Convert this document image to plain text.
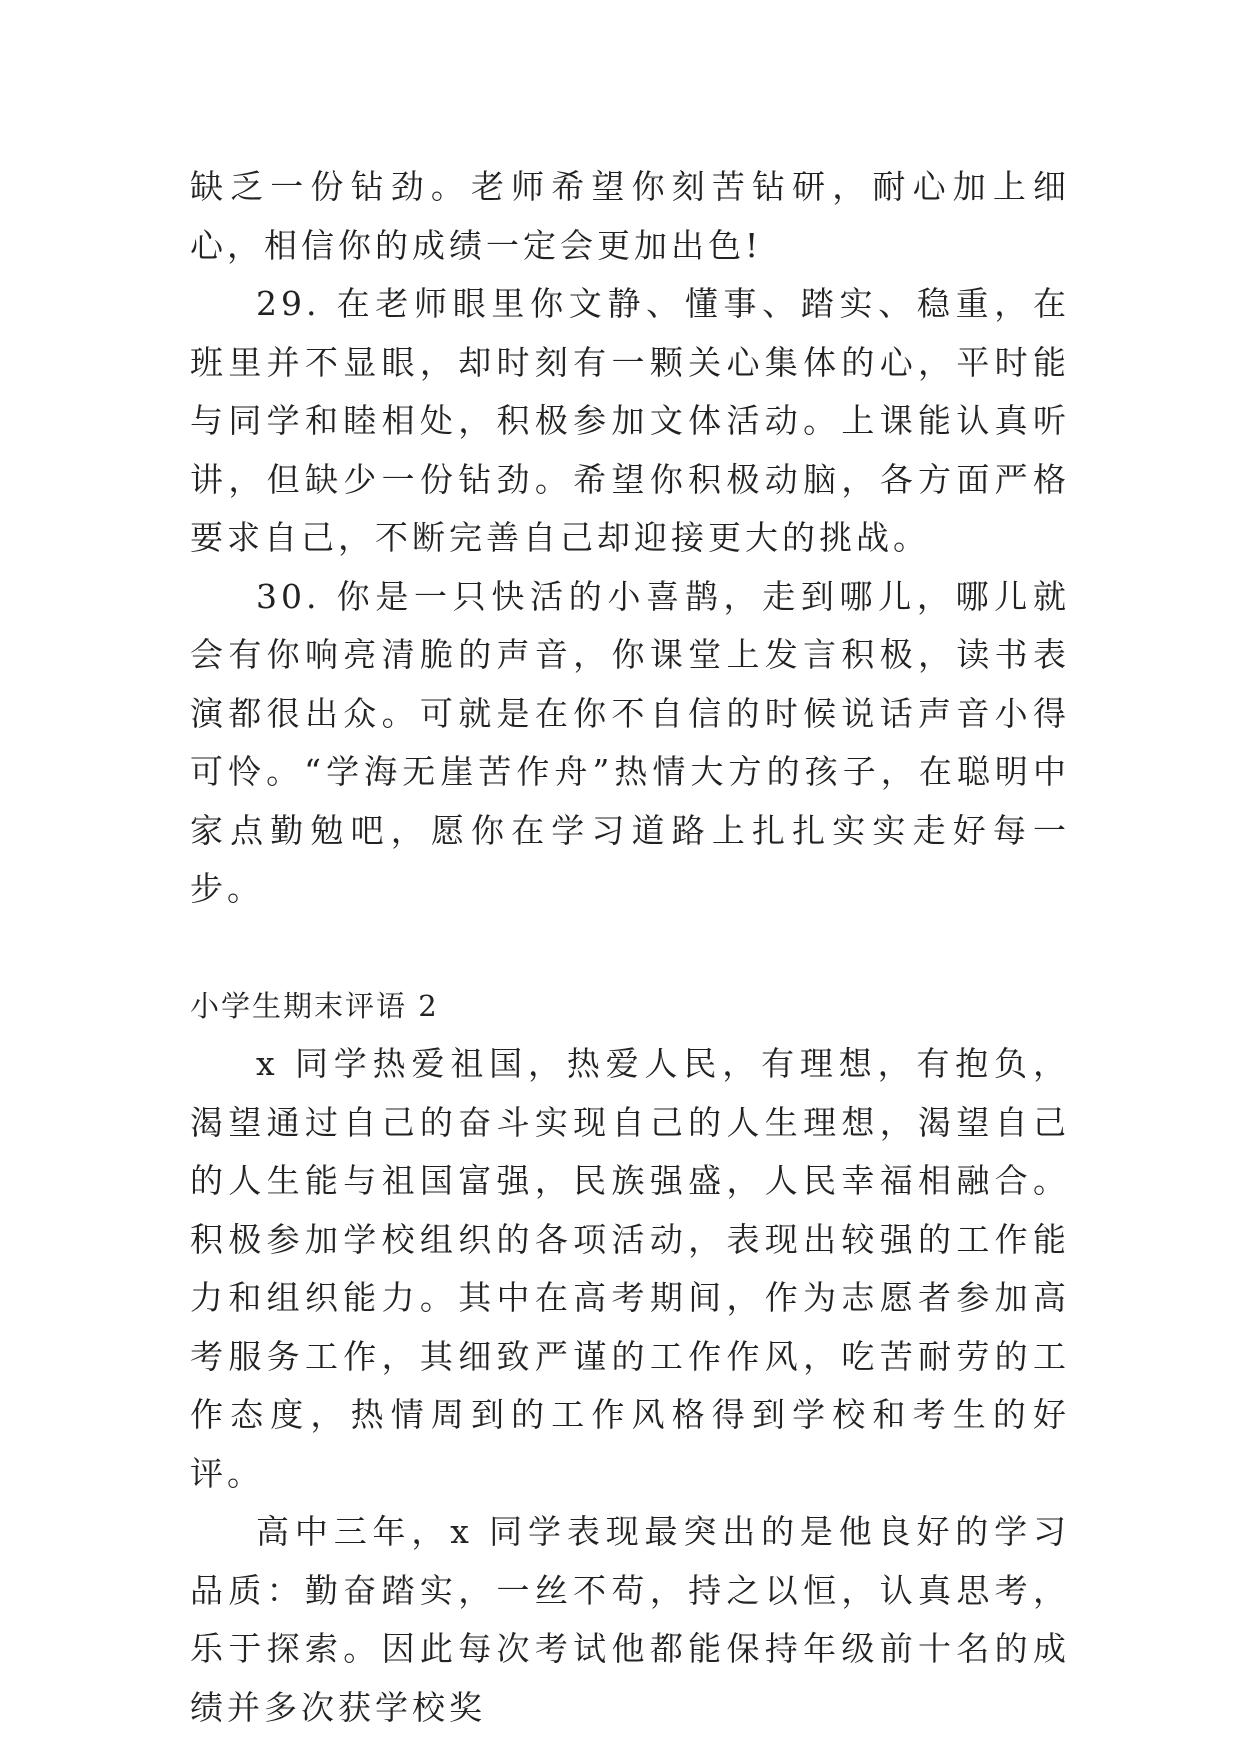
缺乏一份钻劲。老师希望你刻苦钻研，耐心加上细心，相信你的成绩一定会更加出色!

29. 在老师眼里你文静、懂事、踏实、稳重，在班里并不显眼，却时刻有一颗关心集体的心，平时能与同学和睦相处，积极参加文体活动。上课能认真听讲，但缺少一份钻劲。希望你积极动脑，各方面严格要求自己，不断完善自己却迎接更大的挑战。

30. 你是一只快活的小喜鹊，走到哪儿，哪儿就会有你响亮清脆的声音，你课堂上发言积极，读书表演都很出众。可就是在你不自信的时候说话声音小得可怜。“学海无崖苦作舟”热情大方的孩子，在聪明中家点勤勉吧，愿你在学习道路上扎扎实实走好每一步。

小学生期末评语 2

x 同学热爱祖国，热爱人民，有理想，有抱负，渴望通过自己的奋斗实现自己的人生理想，渴望自己的人生能与祖国富强，民族强盛，人民幸福相融合。积极参加学校组织的各项活动，表现出较强的工作能力和组织能力。其中在高考期间，作为志愿者参加高考服务工作，其细致严谨的工作作风，吃苦耐劳的工作态度，热情周到的工作风格得到学校和考生的好评。

高中三年，x 同学表现最突出的是他良好的学习品质：勤奋踏实，一丝不苟，持之以恒，认真思考，乐于探索。因此每次考试他都能保持年级前十名的成绩并多次获学校奖
